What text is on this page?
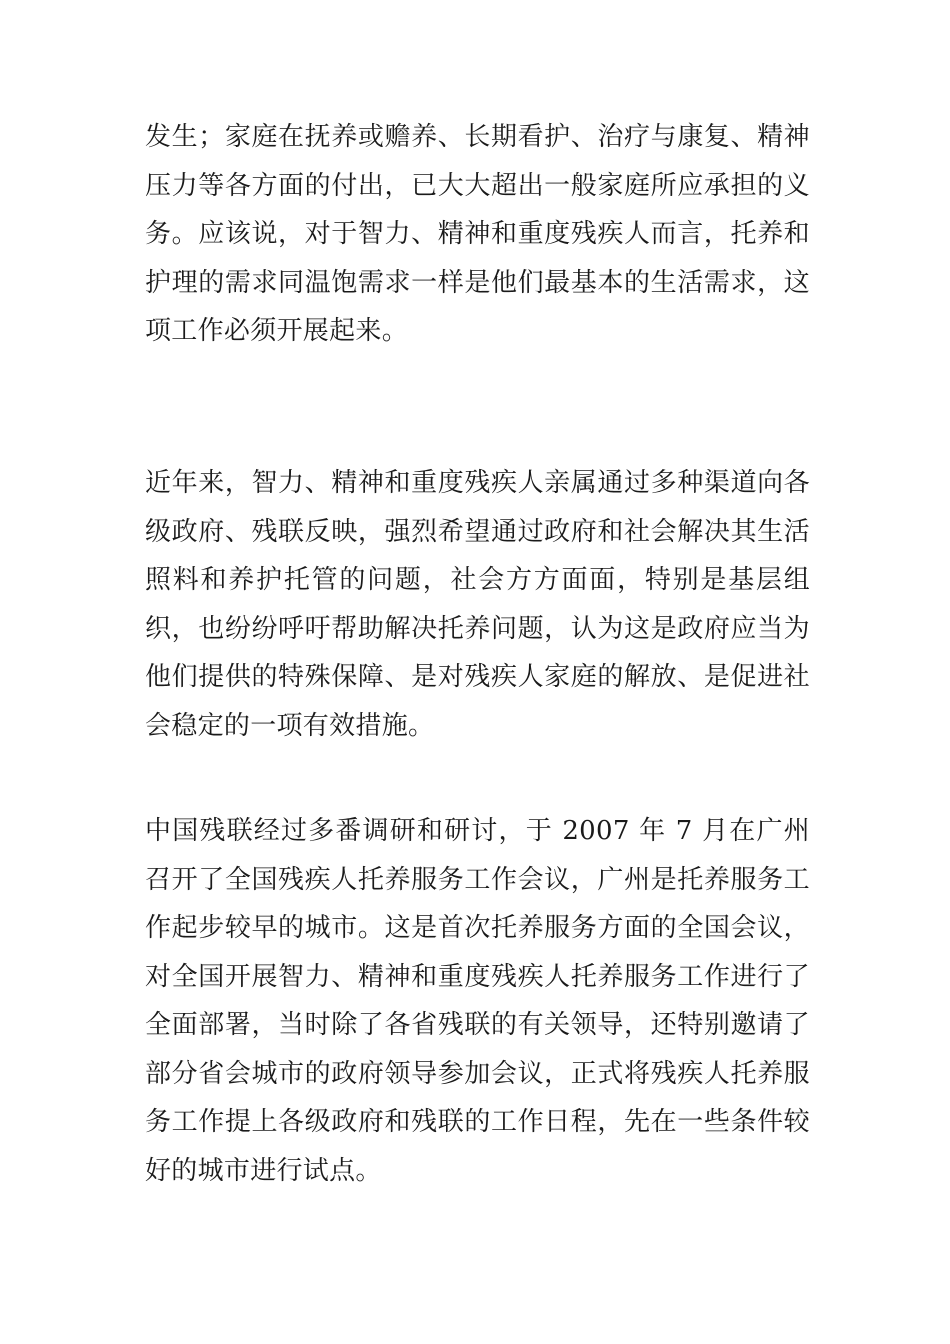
发生；家庭在抚养或赡养、长期看护、治疗与康复、精神压力等各方面的付出，已大大超出一般家庭所应承担的义务。应该说，对于智力、精神和重度残疾人而言，托养和护理的需求同温饱需求一样是他们最基本的生活需求，这项工作必须开展起来。

近年来，智力、精神和重度残疾人亲属通过多种渠道向各级政府、残联反映，强烈希望通过政府和社会解决其生活照料和养护托管的问题，社会方方面面，特别是基层组织，也纷纷呼吁帮助解决托养问题，认为这是政府应当为他们提供的特殊保障、是对残疾人家庭的解放、是促进社会稳定的一项有效措施。

中国残联经过多番调研和研讨，于 2007 年 7 月在广州召开了全国残疾人托养服务工作会议，广州是托养服务工作起步较早的城市。这是首次托养服务方面的全国会议，对全国开展智力、精神和重度残疾人托养服务工作进行了全面部署，当时除了各省残联的有关领导，还特别邀请了部分省会城市的政府领导参加会议，正式将残疾人托养服务工作提上各级政府和残联的工作日程，先在一些条件较好的城市进行试点。
